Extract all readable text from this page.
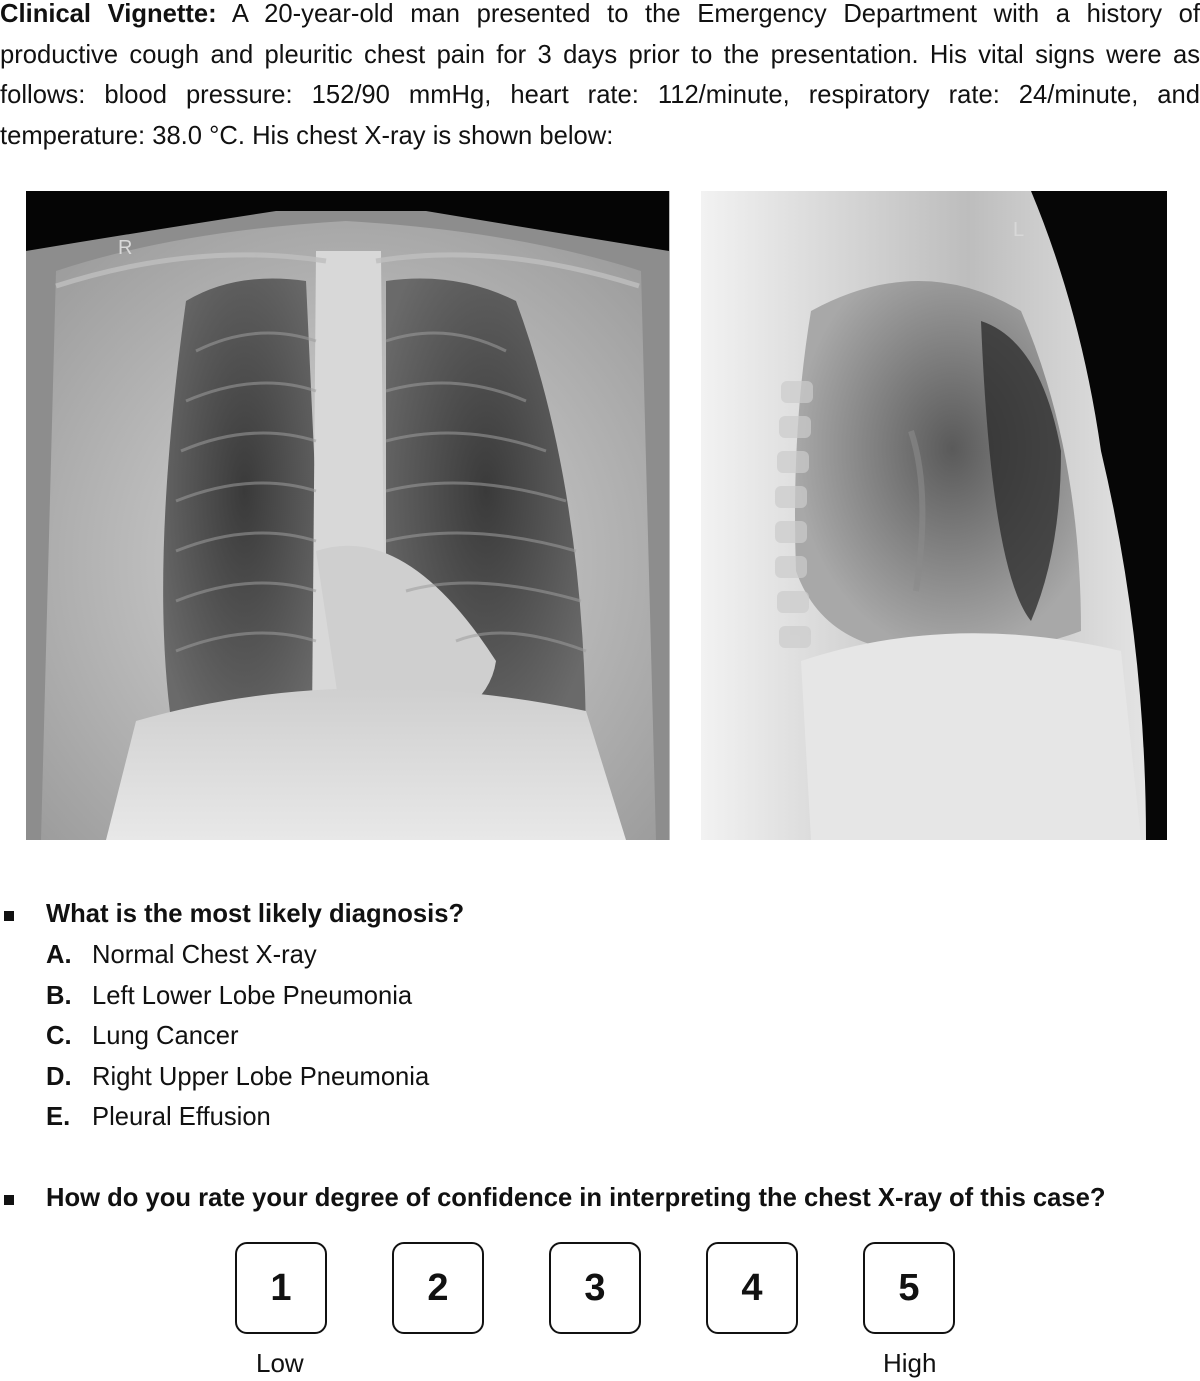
Clinical Vignette: A 20-year-old man presented to the Emergency Department with a history of productive cough and pleuritic chest pain for 3 days prior to the presentation. His vital signs were as follows: blood pressure: 152/90 mmHg, heart rate: 112/minute, respiratory rate: 24/minute, and temperature: 38.0 °C. His chest X-ray is shown below:

R
L
What is the most likely diagnosis?
A. Normal Chest X-ray
B. Left Lower Lobe Pneumonia
C. Lung Cancer
D. Right Upper Lobe Pneumonia
E. Pleural Effusion
How do you rate your degree of confidence in interpreting the chest X-ray of this case?
1	2	3	4	5
Low	High
